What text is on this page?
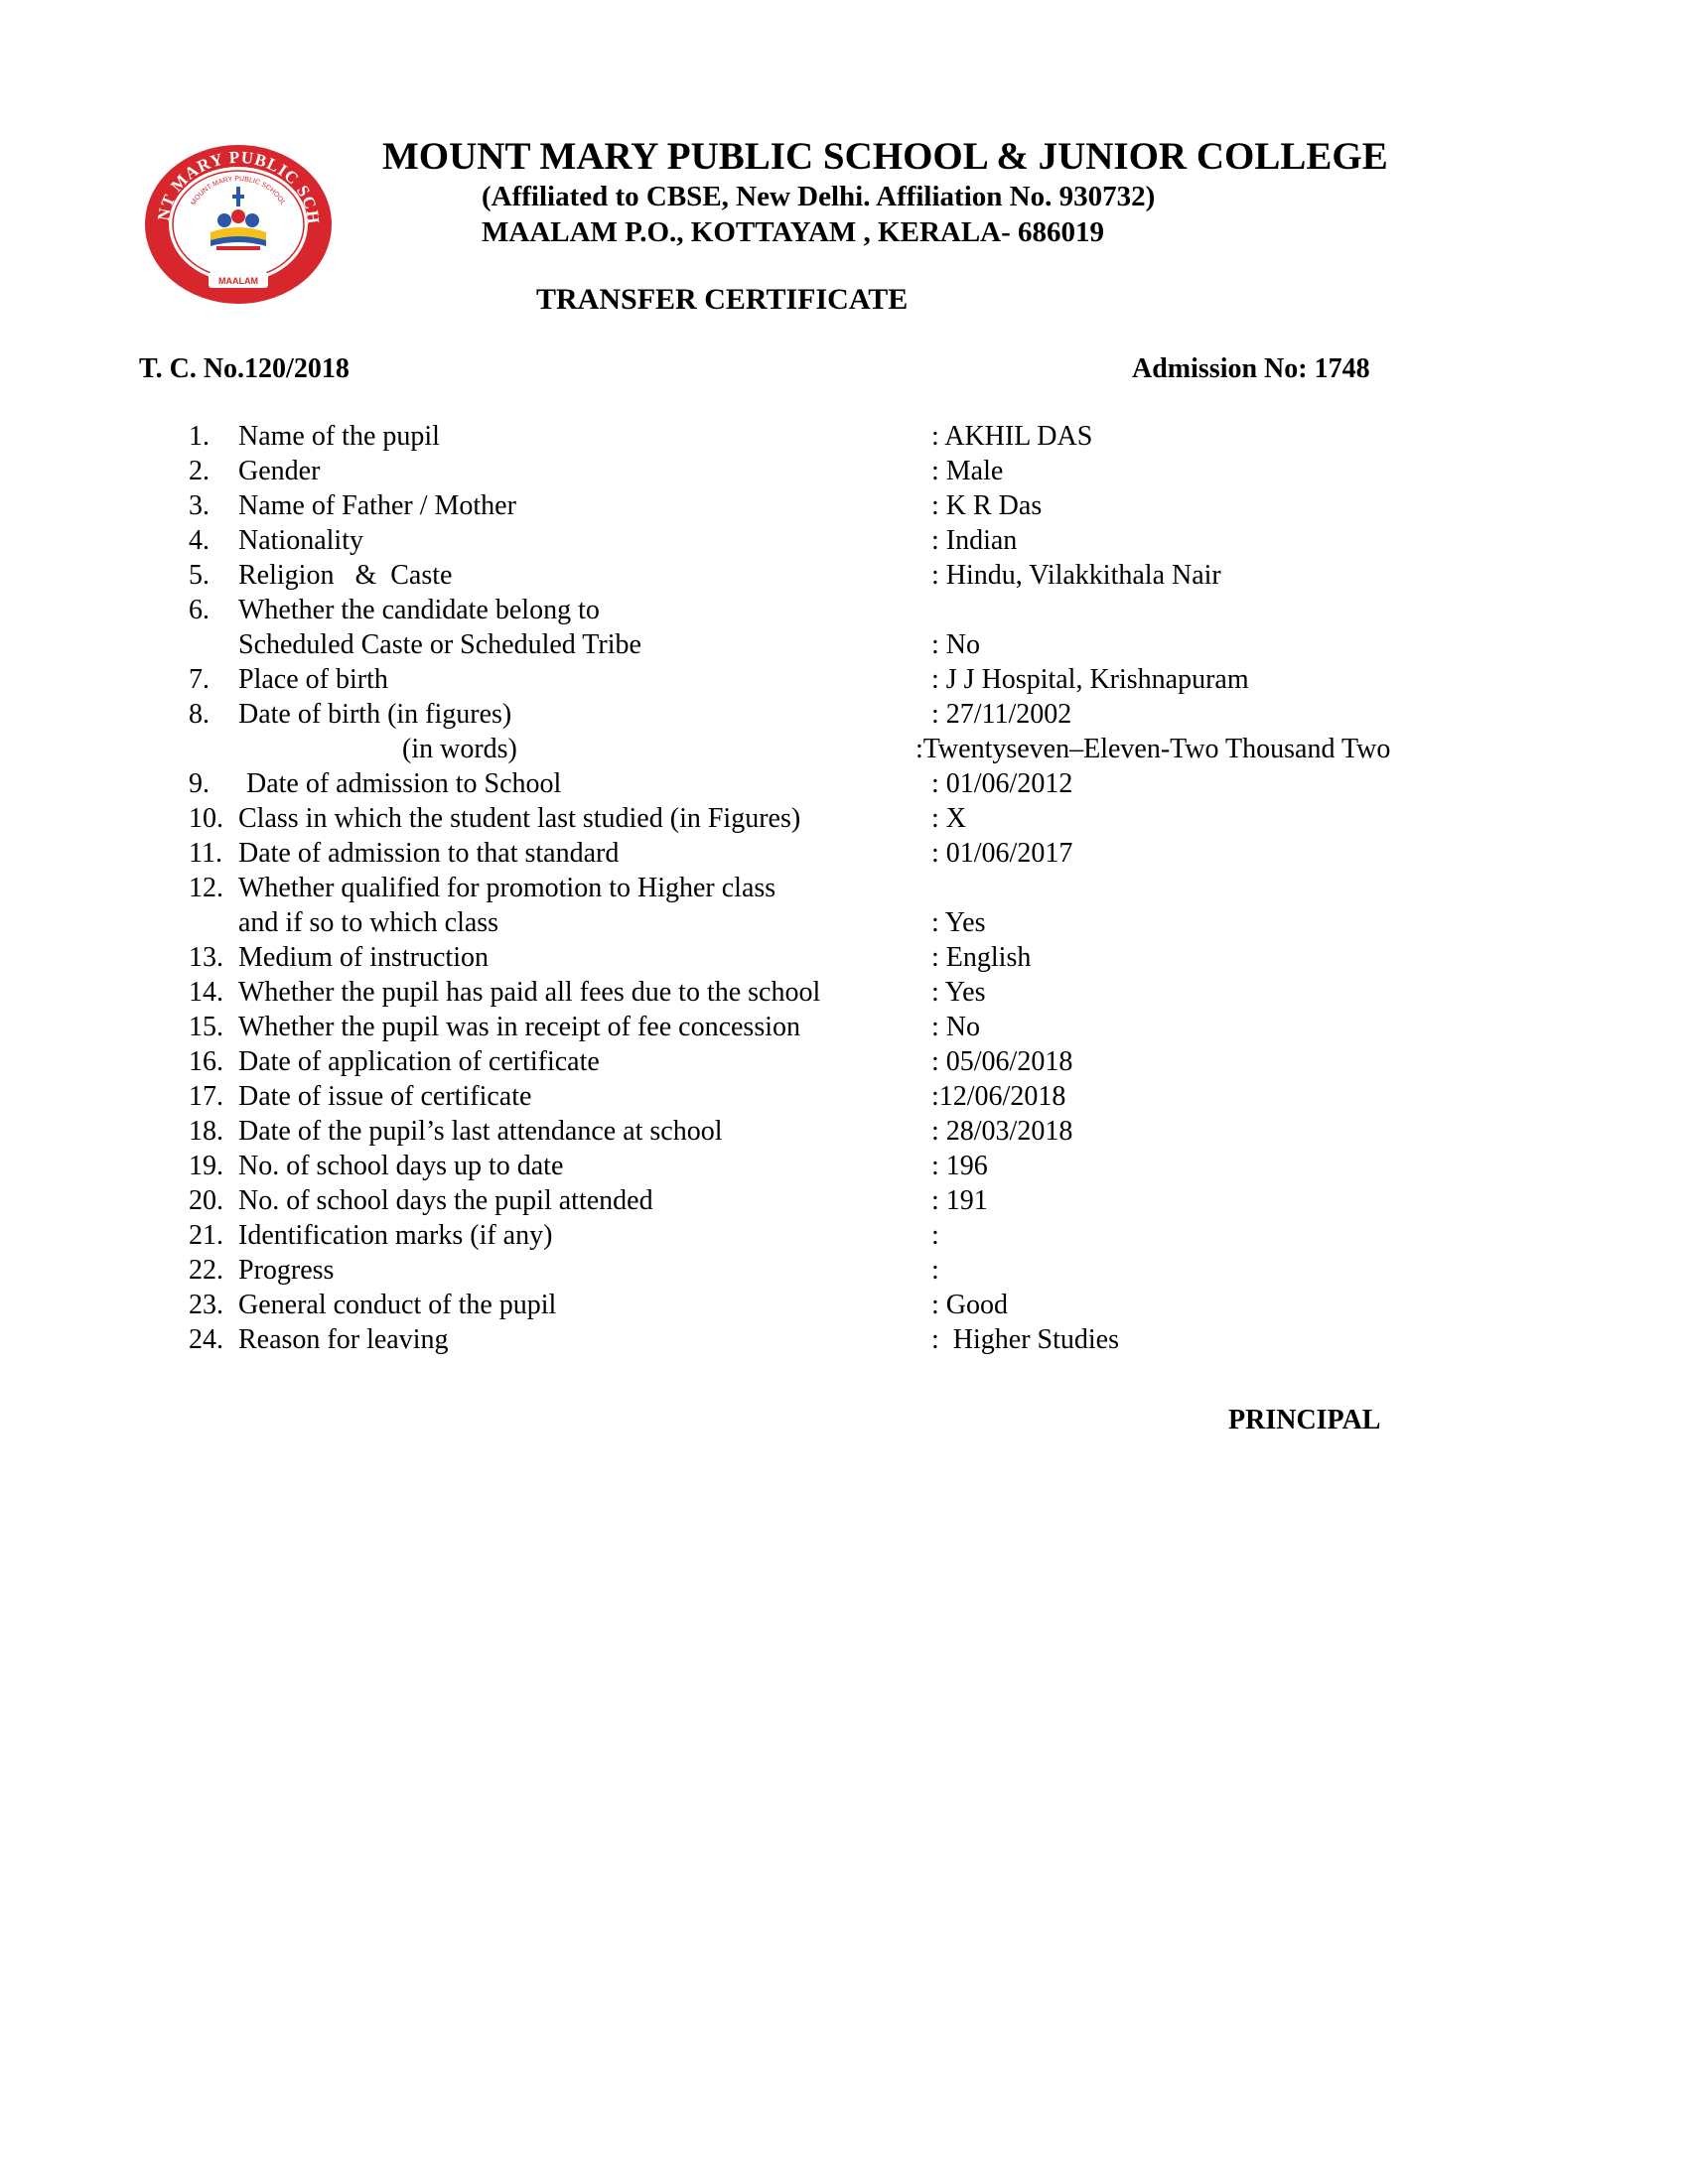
NT MARY PUBLIC SCH
MOUNT MARY PUBLIC SCHOOL
MAALAM
MOUNT MARY PUBLIC SCHOOL & JUNIOR COLLEGE
(Affiliated to CBSE, New Delhi. Affiliation No. 930732)
MAALAM P.O., KOTTAYAM , KERALA- 686019
TRANSFER CERTIFICATE
T. C. No.120/2018	Admission No: 1748
1. Name of the pupil	: AKHIL DAS
2. Gender	: Male
3. Name of Father / Mother	: K R Das
4. Nationality	: Indian
5. Religion   &  Caste	: Hindu, Vilakkithala Nair
6. Whether the candidate belong to
Scheduled Caste or Scheduled Tribe	: No
7. Place of birth	: J J Hospital, Krishnapuram
8. Date of birth (in figures)	: 27/11/2002
(in words)	:Twentyseven–Eleven-Two Thousand Two
9. Date of admission to School	: 01/06/2012
10. Class in which the student last studied (in Figures)	: X
11. Date of admission to that standard	: 01/06/2017
12. Whether qualified for promotion to Higher class
and if so to which class	: Yes
13. Medium of instruction	: English
14. Whether the pupil has paid all fees due to the school	: Yes
15. Whether the pupil was in receipt of fee concession	: No
16. Date of application of certificate	: 05/06/2018
17. Date of issue of certificate	:12/06/2018
18. Date of the pupil’s last attendance at school	: 28/03/2018
19. No. of school days up to date	: 196
20. No. of school days the pupil attended	: 191
21. Identification marks (if any)	:
22. Progress	:
23. General conduct of the pupil	: Good
24. Reason for leaving	:  Higher Studies
PRINCIPAL
